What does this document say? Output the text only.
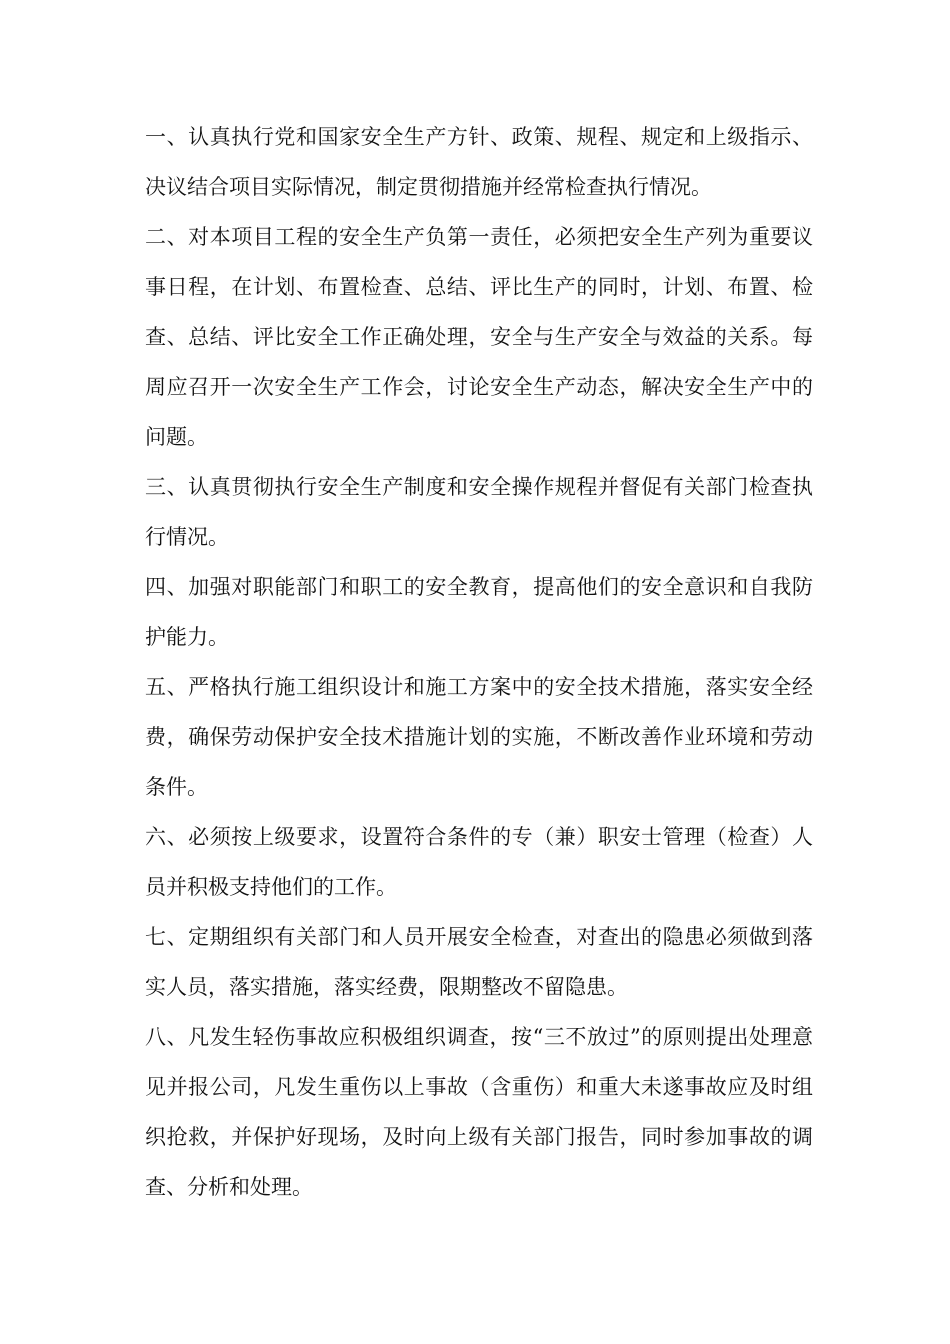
一、认真执行党和国家安全生产方针、政策、规程、规定和上级指示、决议结合项目实际情况，制定贯彻措施并经常检查执行情况。

二、对本项目工程的安全生产负第一责任，必须把安全生产列为重要议事日程，在计划、布置检查、总结、评比生产的同时，计划、布置、检查、总结、评比安全工作正确处理，安全与生产安全与效益的关系。每周应召开一次安全生产工作会，讨论安全生产动态，解决安全生产中的问题。

三、认真贯彻执行安全生产制度和安全操作规程并督促有关部门检查执行情况。

四、加强对职能部门和职工的安全教育，提高他们的安全意识和自我防护能力。

五、严格执行施工组织设计和施工方案中的安全技术措施，落实安全经费，确保劳动保护安全技术措施计划的实施，不断改善作业环境和劳动条件。

六、必须按上级要求，设置符合条件的专（兼）职安士管理（检查）人员并积极支持他们的工作。

七、定期组织有关部门和人员开展安全检查，对查出的隐患必须做到落实人员，落实措施，落实经费，限期整改不留隐患。

八、凡发生轻伤事故应积极组织调查，按“三不放过”的原则提出处理意见并报公司，凡发生重伤以上事故（含重伤）和重大未遂事故应及时组织抢救，并保护好现场，及时向上级有关部门报告，同时参加事故的调查、分析和处理。
